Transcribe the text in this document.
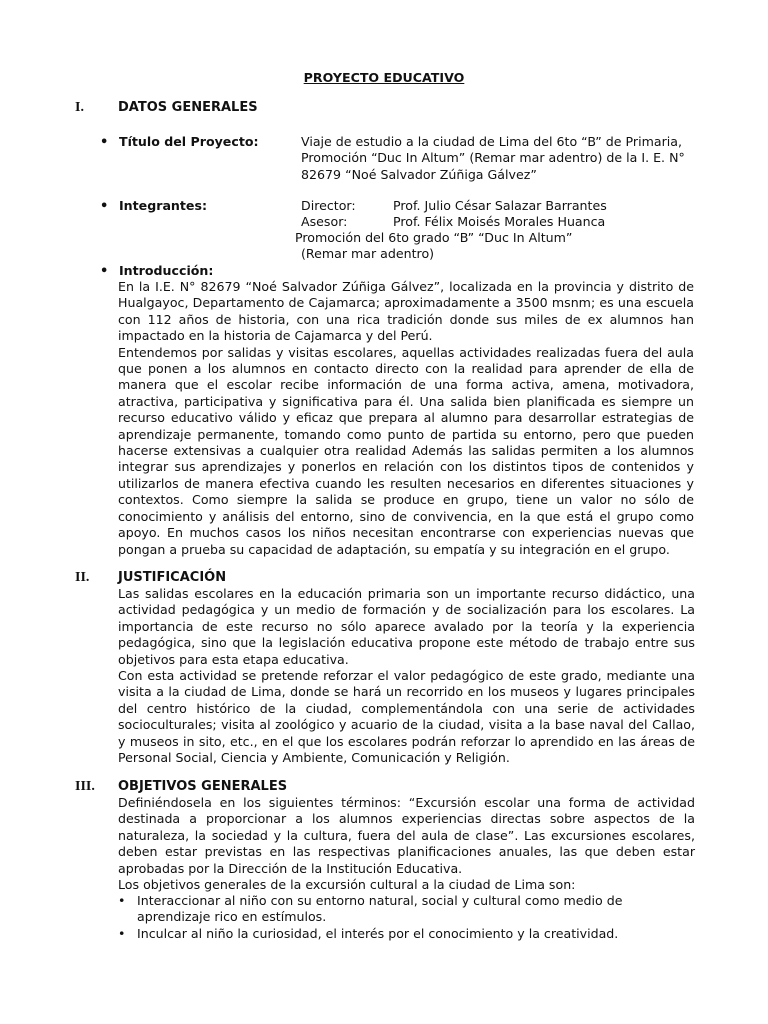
PROYECTO EDUCATIVO
I.	DATOS GENERALES
• Título del Proyecto:	Viaje de estudio a la ciudad de Lima del 6to “B” de Primaria,
Promoción “Duc In Altum” (Remar mar adentro) de la I. E. N°
82679 “Noé Salvador Zúñiga Gálvez”
• Integrantes:	Director:	Prof. Julio César Salazar Barrantes
Asesor:	Prof. Félix Moisés Morales Huanca
Promoción del 6to grado “B” “Duc In Altum”
(Remar mar adentro)
• Introducción:

En la I.E. N° 82679 “Noé Salvador Zúñiga Gálvez”, localizada en la provincia y distrito de Hualgayoc, Departamento de Cajamarca; aproximadamente a 3500 msnm; es una escuela con 112 años de historia, con una rica tradición donde sus miles de ex alumnos han impactado en la historia de Cajamarca y del Perú.

Entendemos por salidas y visitas escolares, aquellas actividades realizadas fuera del aula que ponen a los alumnos en contacto directo con la realidad para aprender de ella de manera que el escolar recibe información de una forma activa, amena, motivadora, atractiva, participativa y significativa para él. Una salida bien planificada es siempre un recurso educativo válido y eficaz que prepara al alumno para desarrollar estrategias de aprendizaje permanente, tomando como punto de partida su entorno, pero que pueden hacerse extensivas a cualquier otra realidad Además las salidas permiten a los alumnos integrar sus aprendizajes y ponerlos en relación con los distintos tipos de contenidos y utilizarlos de manera efectiva cuando les resulten necesarios en diferentes situaciones y contextos. Como siempre la salida se produce en grupo, tiene un valor no sólo de conocimiento y análisis del entorno, sino de convivencia, en la que está el grupo como apoyo. En muchos casos los niños necesitan encontrarse con experiencias nuevas que pongan a prueba su capacidad de adaptación, su empatía y su integración en el grupo.

II. JUSTIFICACIÓN

Las salidas escolares en la educación primaria son un importante recurso didáctico, una actividad pedagógica y un medio de formación y de socialización para los escolares. La importancia de este recurso no sólo aparece avalado por la teoría y la experiencia pedagógica, sino que la legislación educativa propone este método de trabajo entre sus objetivos para esta etapa educativa.

Con esta actividad se pretende reforzar el valor pedagógico de este grado, mediante una visita a la ciudad de Lima, donde se hará un recorrido en los museos y lugares principales del centro histórico de la ciudad, complementándola con una serie de actividades socioculturales; visita al zoológico y acuario de la ciudad, visita a la base naval del Callao, y museos in sito, etc., en el que los escolares podrán reforzar lo aprendido en las áreas de Personal Social, Ciencia y Ambiente, Comunicación y Religión.

III. OBJETIVOS GENERALES

Definiéndosela en los siguientes términos: “Excursión escolar una forma de actividad destinada a proporcionar a los alumnos experiencias directas sobre aspectos de la naturaleza, la sociedad y la cultura, fuera del aula de clase”. Las excursiones escolares, deben estar previstas en las respectivas planificaciones anuales, las que deben estar aprobadas por la Dirección de la Institución Educativa.

Los objetivos generales de la excursión cultural a la ciudad de Lima son:

• Interaccionar al niño con su entorno natural, social y cultural como medio de aprendizaje rico en estímulos.
• Inculcar al niño la curiosidad, el interés por el conocimiento y la creatividad.
